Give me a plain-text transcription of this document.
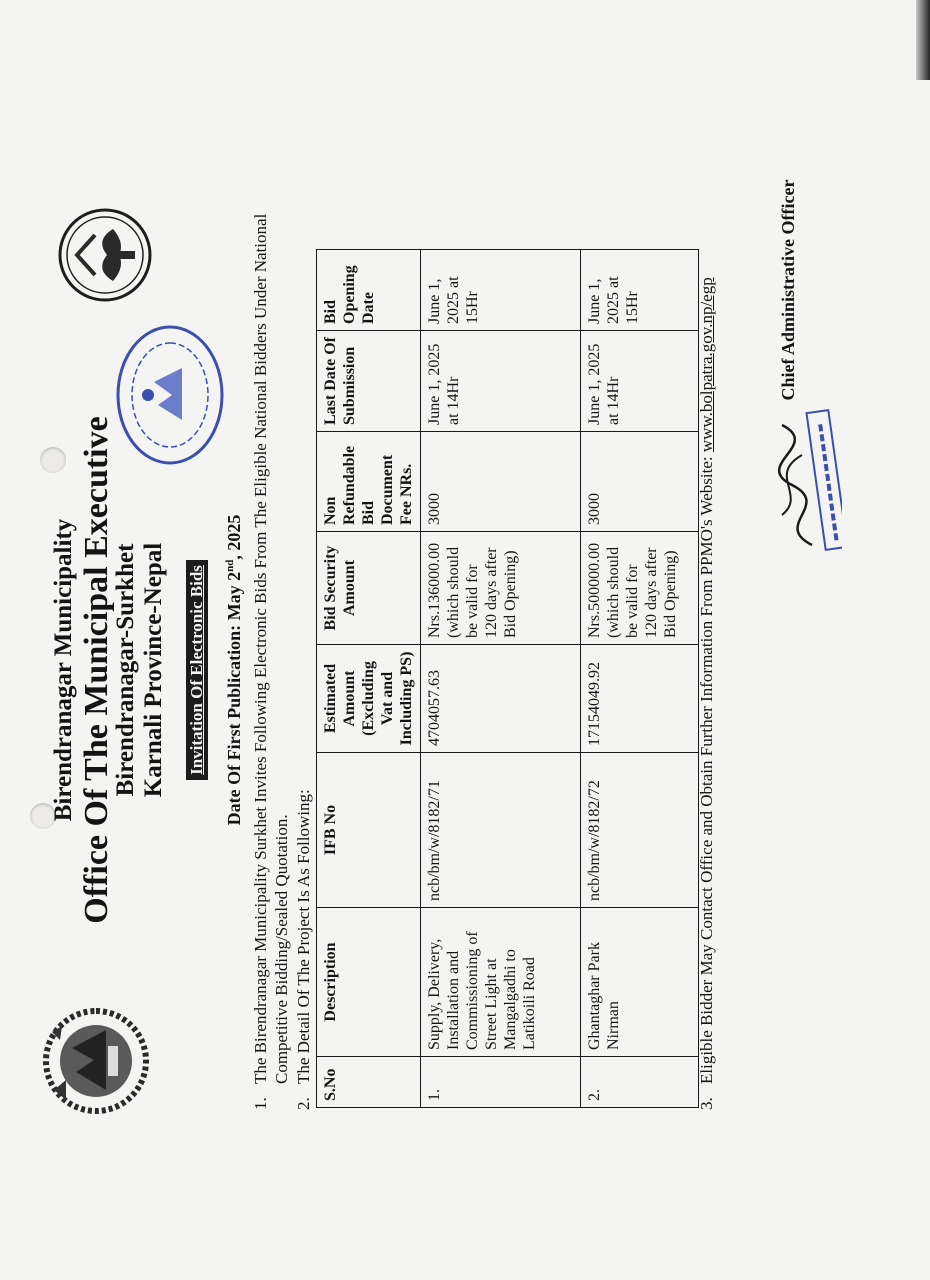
Birendranagar Municipality Office Of The Municipal Executive
Birendranagar-Surkhet Karnali Province-Nepal Invitation Of Electronic Bids Date Of First Publication: May 2nd, 2025
1.The Birendranagar Municipality Surkhet Invites Following Electronic Bids From The Eligible National Bidders Under National Competitive Bidding/Sealed Quotation.
2.The Detail Of The Project Is As Following:
S.No	Description	IFB No	Estimated Amount (Excluding Vat and Including PS)	Bid Security Amount	Non Refundable Bid Document Fee NRs.	Last Date Of Submission	Bid Opening Date
1.	Supply, Delivery, Installation and Commissioning of Street Light at Mangalgadhi to Latikoili Road	ncb/bm/w/8182/71	4704057.63	Nrs.136000.00 (which should be valid for 120 days after Bid Opening)	3000	June 1, 2025 at 14Hr	June 1, 2025 at 15Hr
2.	Ghantaghar Park Nirman	ncb/bm/w/8182/72	17154049.92	Nrs.500000.00 (which should be valid for 120 days after Bid Opening)	3000	June 1, 2025 at 14Hr	June 1, 2025 at 15Hr
3.Eligible Bidder May Contact Office and Obtain Further Information From PPMO's Website: www.bolpatra.gov.np/egp	Chief Administrative Officer
